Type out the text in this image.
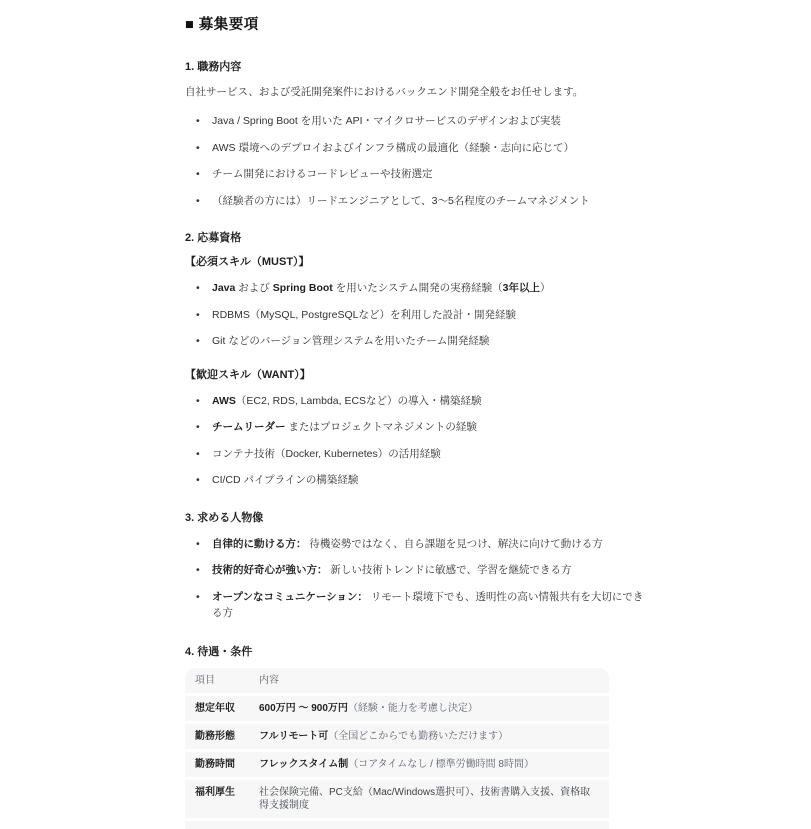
■ 募集要項
1. 職務内容

自社サービス、および受託開発案件におけるバックエンド開発全般をお任せします。

•	Java / Spring Boot を用いた API・マイクロサービスのデザインおよび実装
•	AWS 環境へのデプロイおよびインフラ構成の最適化（経験・志向に応じて）
•	チーム開発におけるコードレビューや技術選定
•	（経験者の方には）リードエンジニアとして、3〜5名程度のチームマネジメント
2. 応募資格
【必須スキル（MUST）】
•	Java および Spring Boot を用いたシステム開発の実務経験（3年以上）
•	RDBMS（MySQL, PostgreSQLなど）を利用した設計・開発経験
•	Git などのバージョン管理システムを用いたチーム開発経験
【歓迎スキル（WANT）】
•	AWS（EC2, RDS, Lambda, ECSなど）の導入・構築経験
•	チームリーダー またはプロジェクトマネジメントの経験
•	コンテナ技術（Docker, Kubernetes）の活用経験
•	CI/CD パイプラインの構築経験
3. 求める人物像
•	自律的に動ける方： 待機姿勢ではなく、自ら課題を見つけ、解決に向けて動ける方
•	技術的好奇心が強い方： 新しい技術トレンドに敏感で、学習を継続できる方
•	オープンなコミュニケーション： リモート環境下でも、透明性の高い情報共有を大切にできる方
4. 待遇・条件
項目	内容
想定年収	600万円 〜 900万円（経験・能力を考慮し決定）
勤務形態	フルリモート可（全国どこからでも勤務いただけます）
勤務時間	フレックスタイム制（コアタイムなし / 標準労働時間 8時間）
福利厚生	社会保険完備、PC支給（Mac/Windows選択可）、技術書購入支援、資格取得支援制度
